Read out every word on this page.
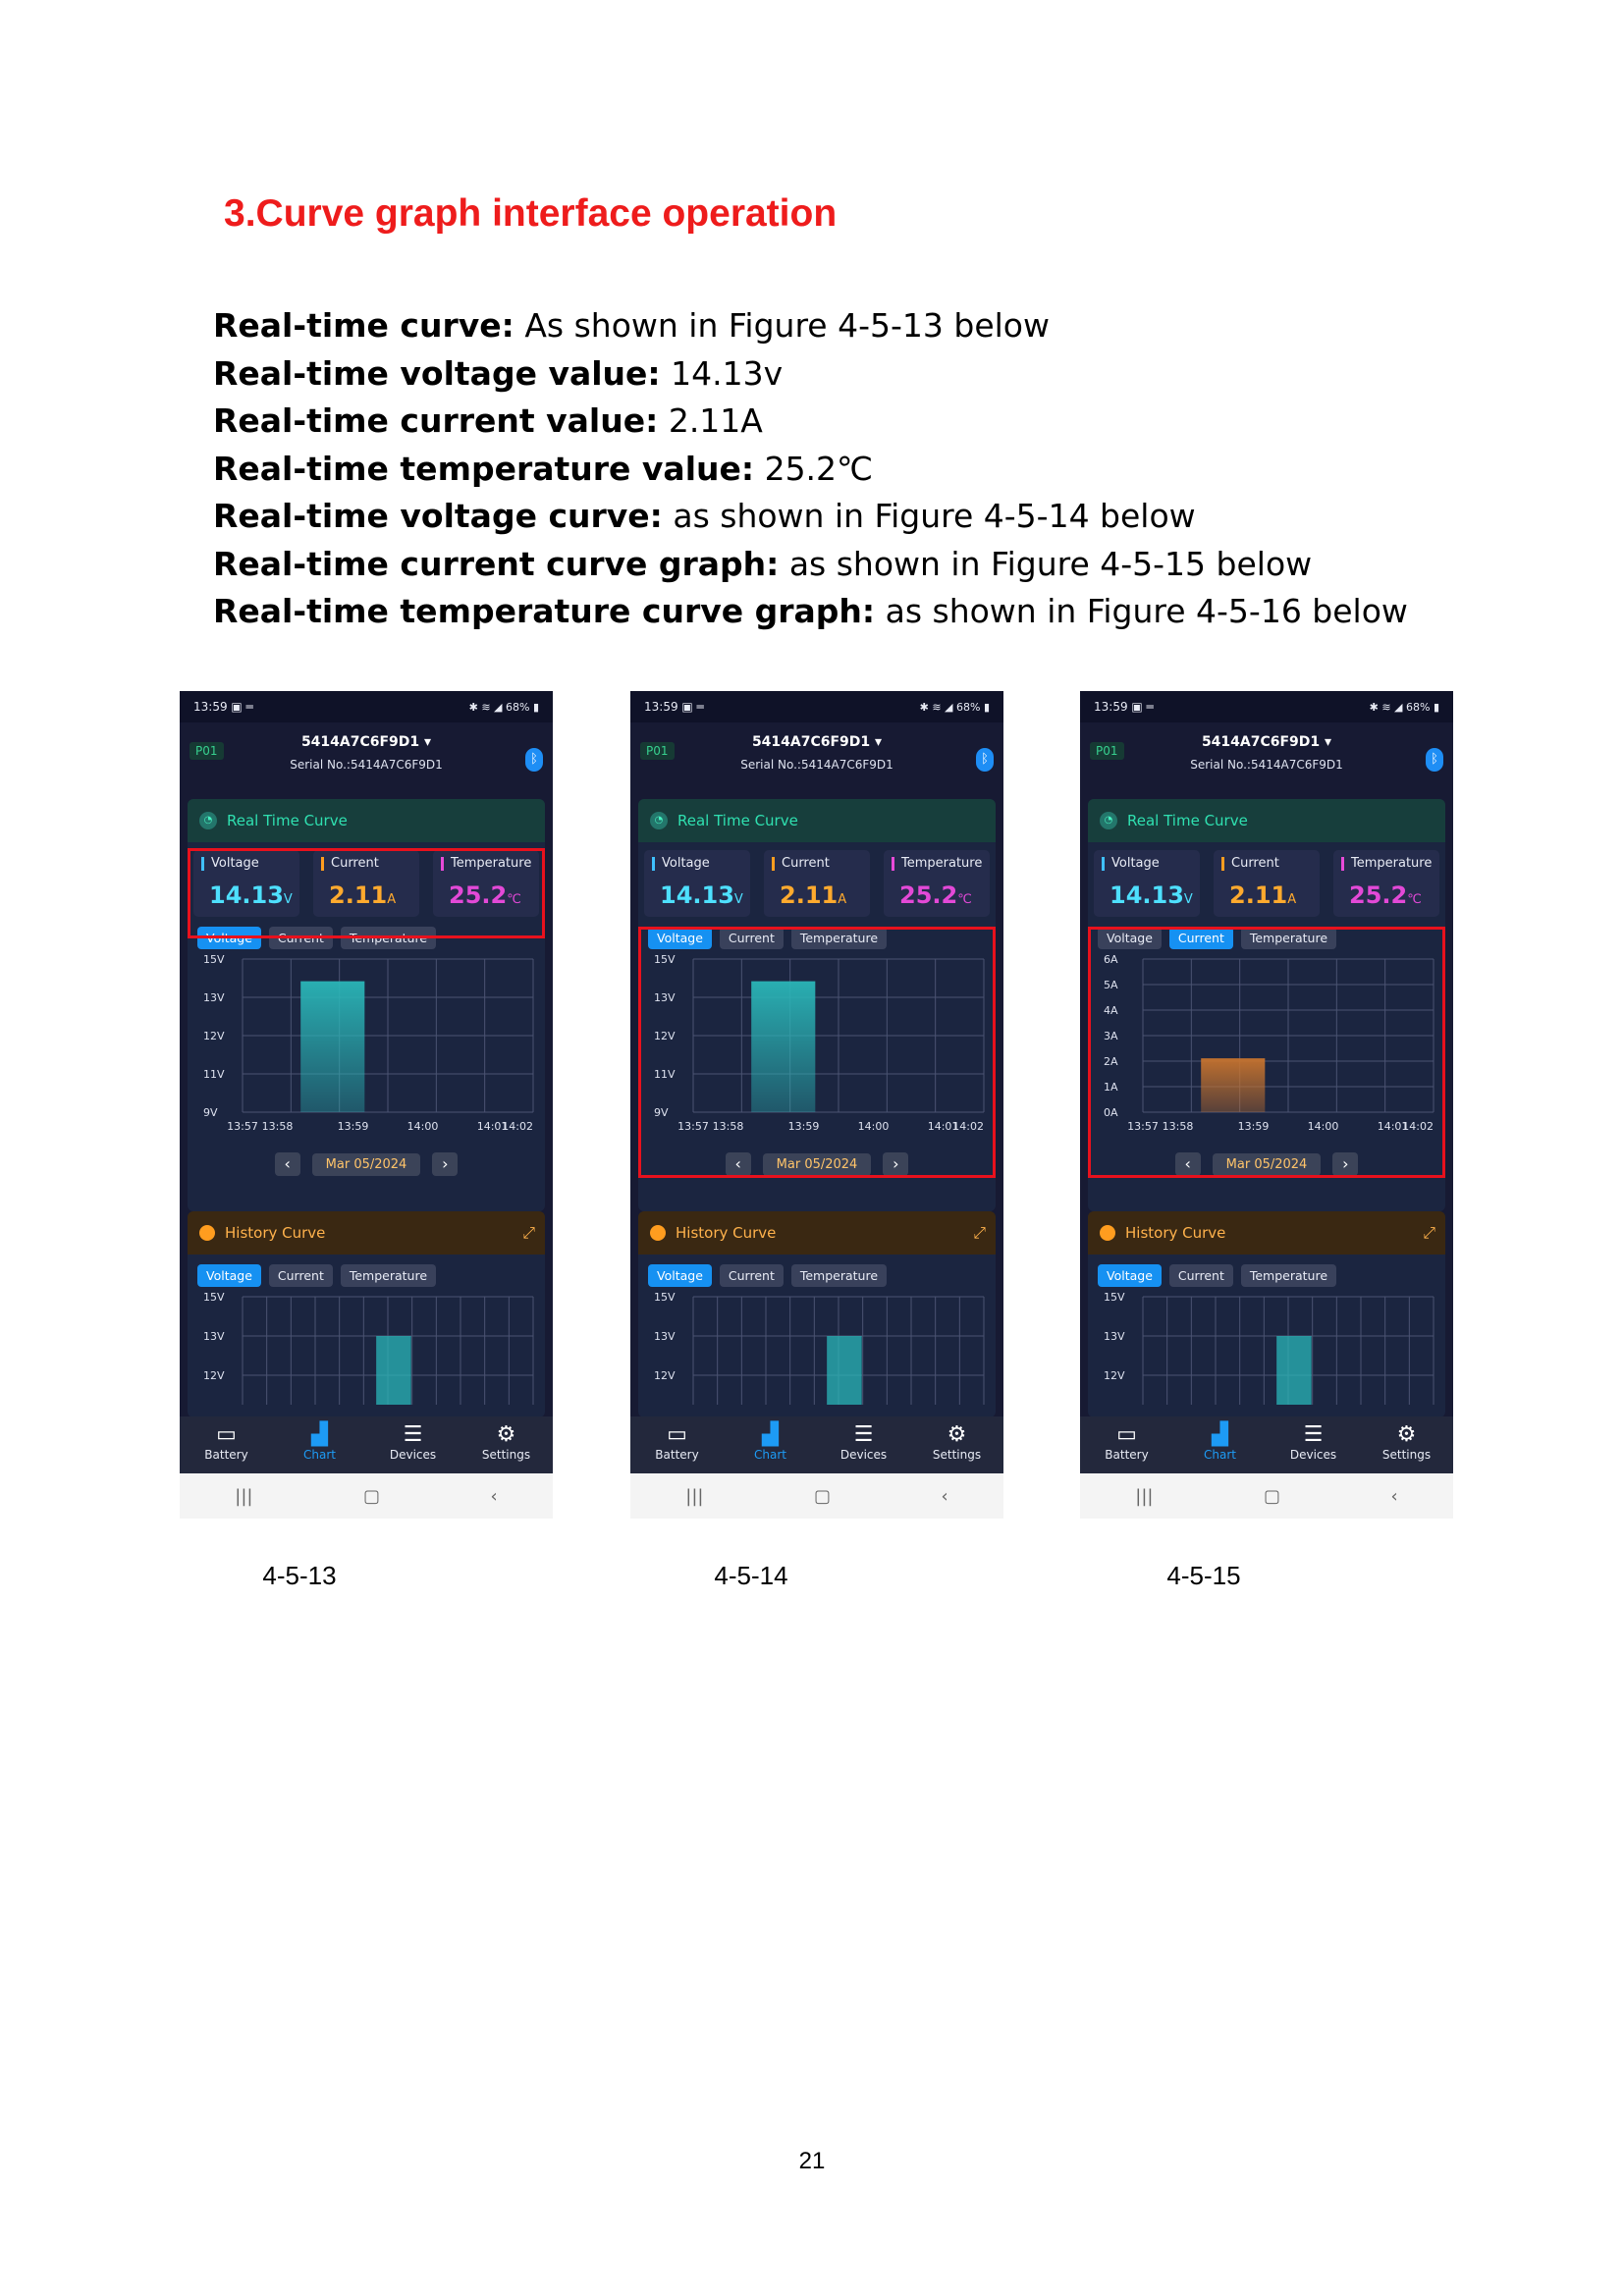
3.Curve graph interface operation
Real-time curve: As shown in Figure 4-5-13 below
Real-time voltage value: 14.13v
Real-time current value: 2.11A
Real-time temperature value: 25.2℃
Real-time voltage curve: as shown in Figure 4-5-14 below
Real-time current curve graph: as shown in Figure 4-5-15 below
Real-time temperature curve graph: as shown in Figure 4-5-16 below
13:59 ▣ ═	✱ ≋ ◢ 68% ▮
P01
5414A7C6F9D1 ▾
Serial No.:5414A7C6F9D1	ᛒ
◔ Real Time Curve
Voltage
14.13V
Current
2.11A
Temperature
25.2℃
Voltage	Current	Temperature
15V
13V
12V
11V
9V
13:57 13:58	13:59	14:00	14:01
14:02
‹	Mar 05/2024	›
History Curve	⤢
Voltage	Current	Temperature
15V
13V
12V
▭
Battery
▟
Chart
☰
Devices
⚙
Settings
|||	▢	‹
4-5-13
13:59 ▣ ═	✱ ≋ ◢ 68% ▮
P01
5414A7C6F9D1 ▾
Serial No.:5414A7C6F9D1	ᛒ
◔ Real Time Curve
Voltage
14.13V
Current
2.11A
Temperature
25.2℃
Voltage	Current	Temperature
15V
13V
12V
11V
9V
13:57 13:58	13:59	14:00	14:01
14:02
‹	Mar 05/2024	›
History Curve	⤢
Voltage	Current	Temperature
15V
13V
12V
▭
Battery
▟
Chart
☰
Devices
⚙
Settings
|||	▢	‹
4-5-14
13:59 ▣ ═	✱ ≋ ◢ 68% ▮
P01
5414A7C6F9D1 ▾
Serial No.:5414A7C6F9D1	ᛒ
◔ Real Time Curve
Voltage
14.13V
Current
2.11A
Temperature
25.2℃
Voltage	Current	Temperature
6A
5A
4A
3A
2A
1A
0A
13:57 13:58	13:59	14:00	14:01
14:02
‹	Mar 05/2024	›
History Curve	⤢
Voltage	Current	Temperature
15V
13V
12V
▭
Battery
▟
Chart
☰
Devices
⚙
Settings
|||	▢	‹
4-5-15
21
